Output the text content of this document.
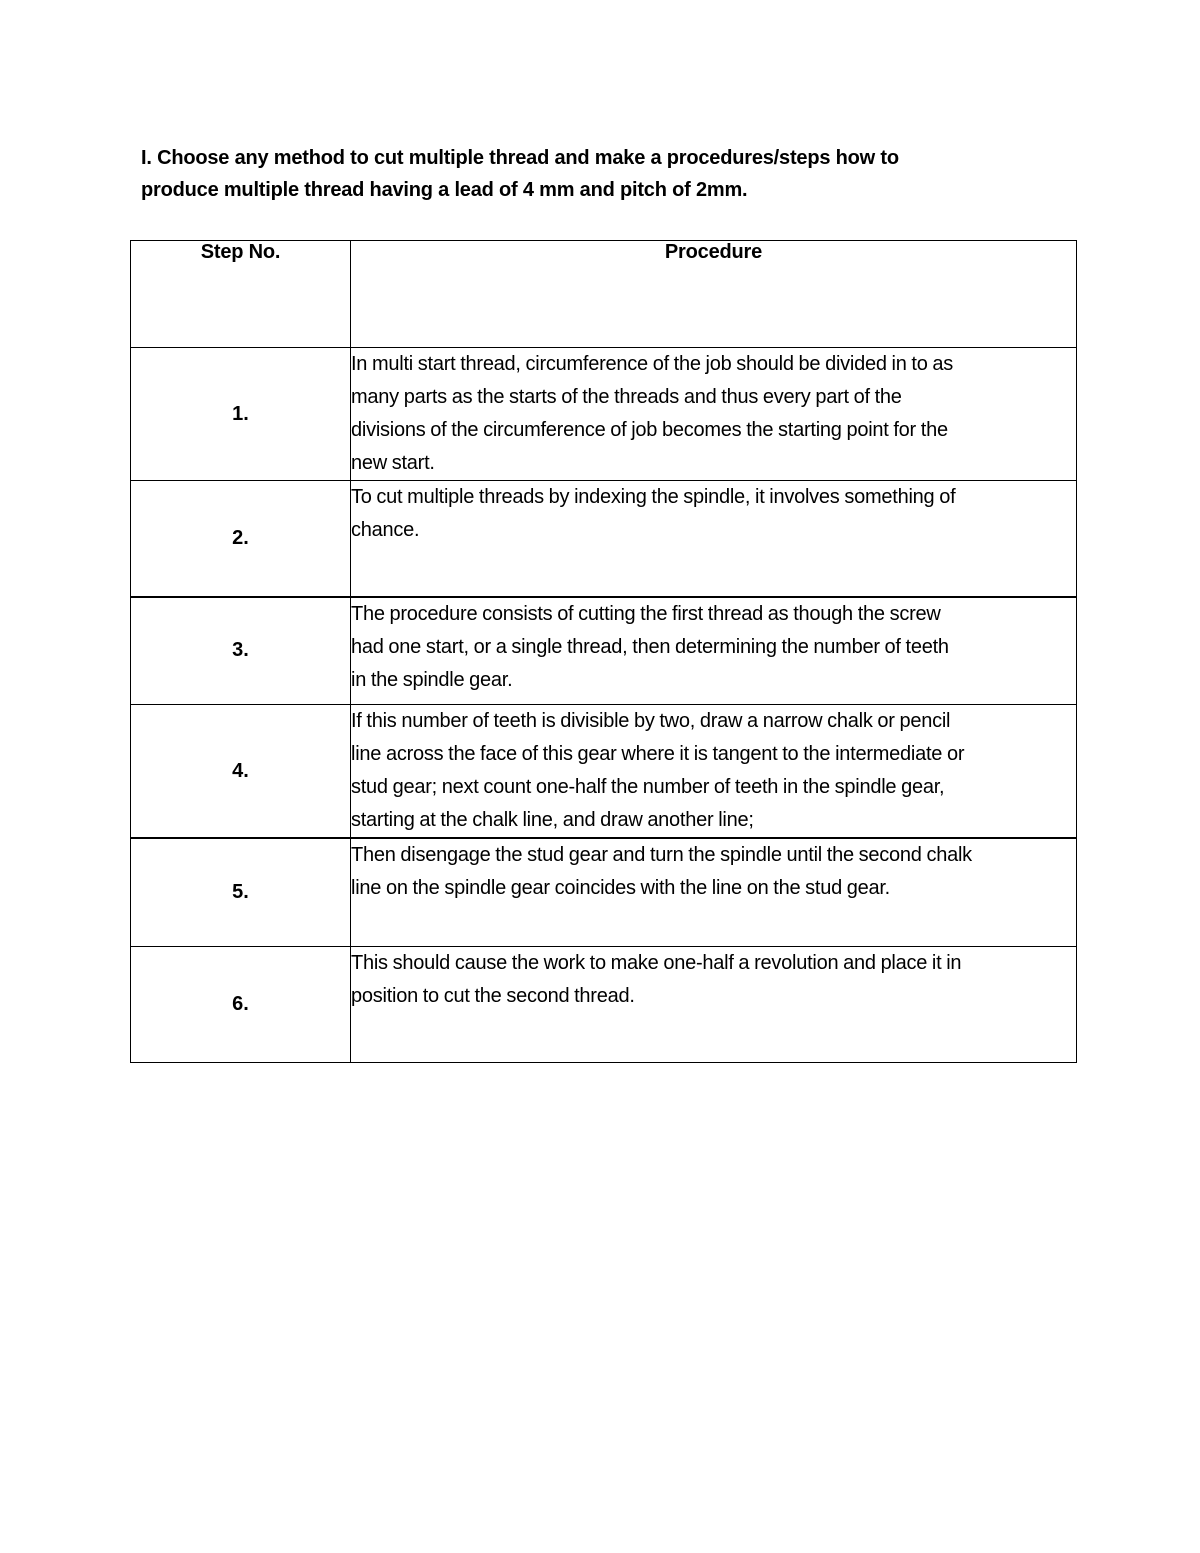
I. Choose any method to cut multiple thread and make a procedures/steps how to
produce multiple thread having a lead of 4 mm and pitch of 2mm.
Step No.	Procedure
1.	In multi start thread, circumference of the job should be divided in to as
many parts as the starts of the threads and thus every part of the
divisions of the circumference of job becomes the starting point for the
new start.

2.	To cut multiple threads by indexing the spindle, it involves something of
chance.

3.	The procedure consists of cutting the first thread as though the screw
had one start, or a single thread, then determining the number of teeth
in the spindle gear.

4.	If this number of teeth is divisible by two, draw a narrow chalk or pencil
line across the face of this gear where it is tangent to the intermediate or
stud gear; next count one-half the number of teeth in the spindle gear,
starting at the chalk line, and draw another line;

5.	Then disengage the stud gear and turn the spindle until the second chalk
line on the spindle gear coincides with the line on the stud gear.

6.	This should cause the work to make one-half a revolution and place it in
position to cut the second thread.
